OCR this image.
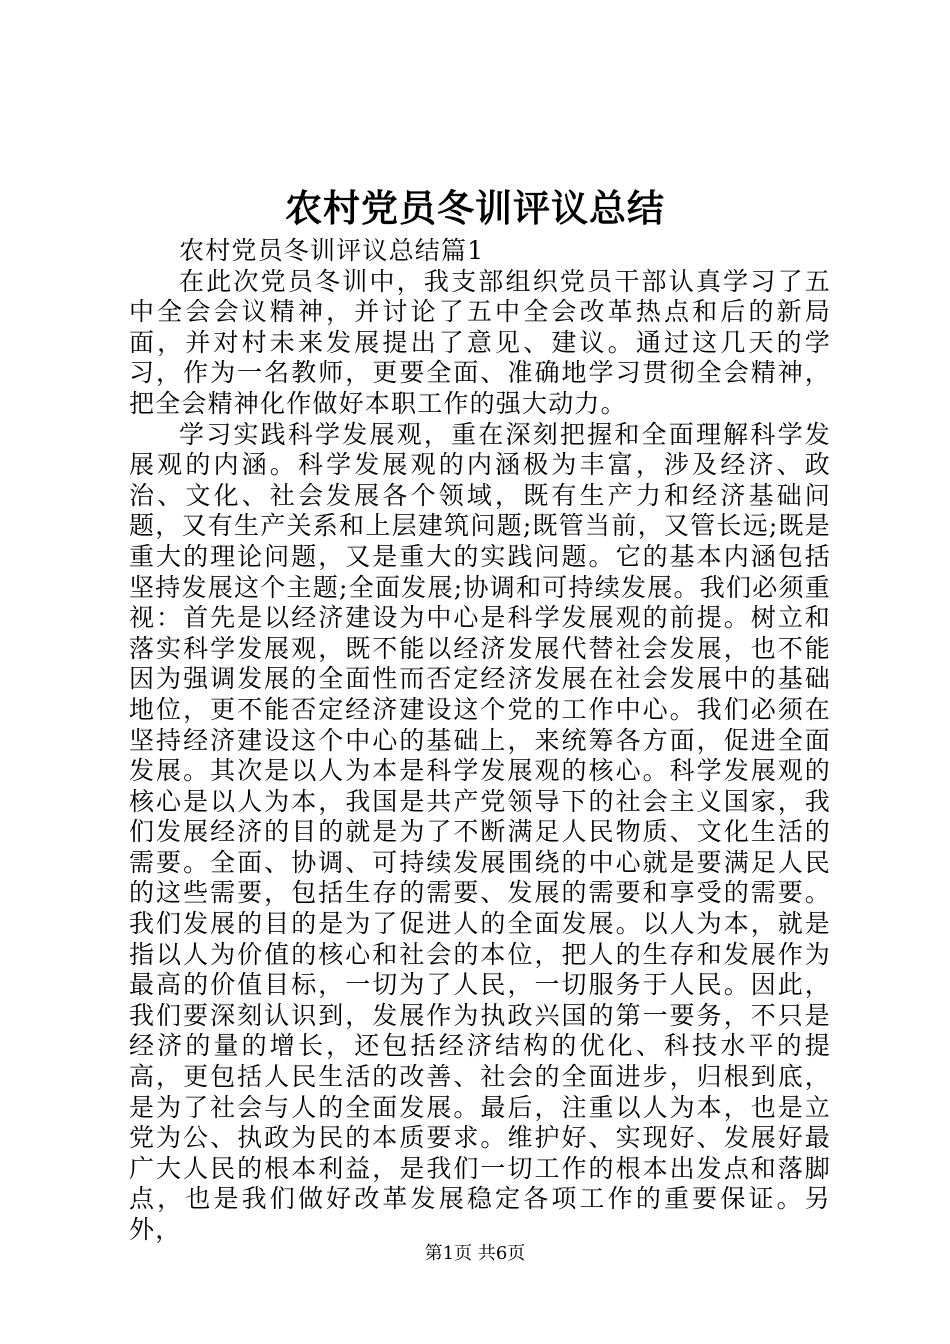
农村党员冬训评议总结

农村党员冬训评议总结篇1

在此次党员冬训中，我支部组织党员干部认真学习了五中全会会议精神，并讨论了五中全会改革热点和后的新局面，并对村未来发展提出了意见、建议。通过这几天的学习，作为一名教师，更要全面、准确地学习贯彻全会精神，把全会精神化作做好本职工作的强大动力。

学习实践科学发展观，重在深刻把握和全面理解科学发展观的内涵。科学发展观的内涵极为丰富，涉及经济、政治、文化、社会发展各个领域，既有生产力和经济基础问题，又有生产关系和上层建筑问题;既管当前，又管长远;既是重大的理论问题，又是重大的实践问题。它的基本内涵包括坚持发展这个主题;全面发展;协调和可持续发展。我们必须重视：首先是以经济建设为中心是科学发展观的前提。树立和落实科学发展观，既不能以经济发展代替社会发展，也不能因为强调发展的全面性而否定经济发展在社会发展中的基础地位，更不能否定经济建设这个党的工作中心。我们必须在坚持经济建设这个中心的基础上，来统筹各方面，促进全面发展。其次是以人为本是科学发展观的核心。科学发展观的核心是以人为本，我国是共产党领导下的社会主义国家，我们发展经济的目的就是为了不断满足人民物质、文化生活的需要。全面、协调、可持续发展围绕的中心就是要满足人民的这些需要，包括生存的需要、发展的需要和享受的需要。我们发展的目的是为了促进人的全面发展。以人为本，就是指以人为价值的核心和社会的本位，把人的生存和发展作为最高的价值目标，一切为了人民，一切服务于人民。因此，我们要深刻认识到，发展作为执政兴国的第一要务，不只是经济的量的增长，还包括经济结构的优化、科技水平的提高，更包括人民生活的改善、社会的全面进步，归根到底，是为了社会与人的全面发展。最后，注重以人为本，也是立党为公、执政为民的本质要求。维护好、实现好、发展好最广大人民的根本利益，是我们一切工作的根本出发点和落脚点，也是我们做好改革发展稳定各项工作的重要保证。另外，

第1页 共6页
